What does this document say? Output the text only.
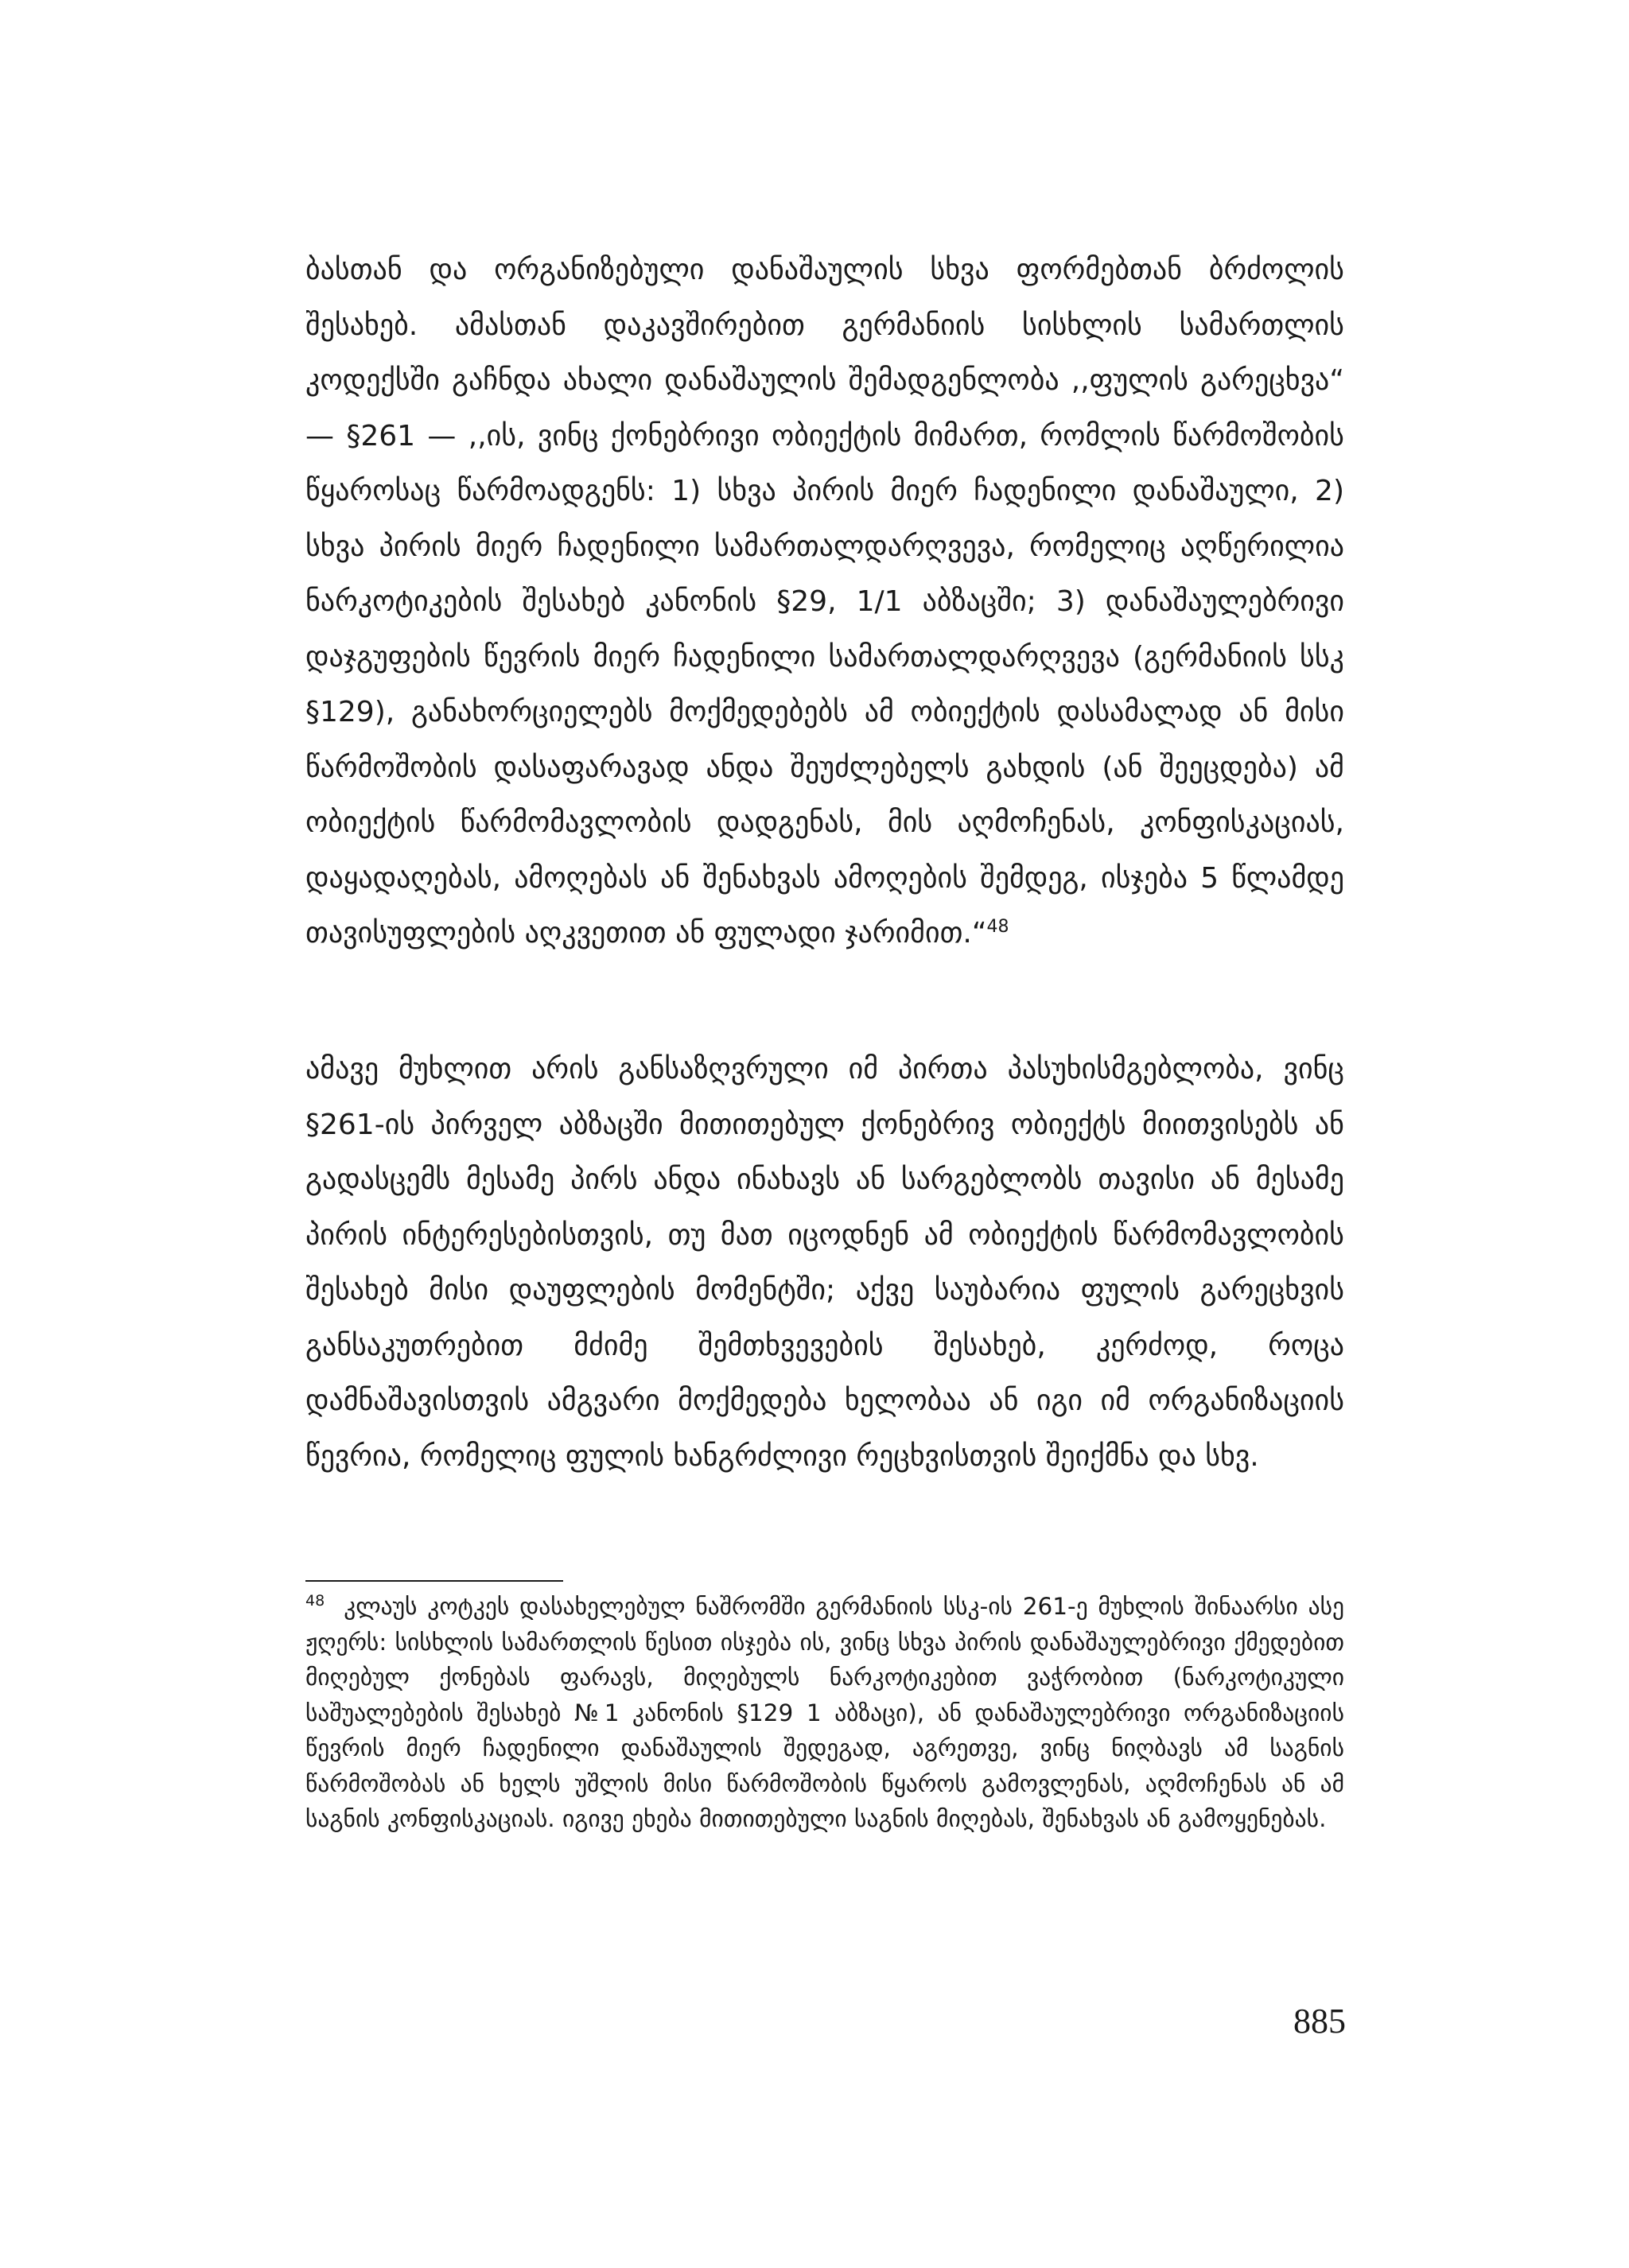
ბასთან და ორგანიზებული დანაშაულის სხვა ფორმებთან ბრძოლის შესახებ. ამასთან დაკავშირებით გერმანიის სისხლის სამართლის კოდექსში გაჩნდა ახალი დანაშაულის შემადგენლობა ,,ფულის გარეცხვა“ — §261 — ,,ის, ვინც ქონებრივი ობიექტის მიმართ, რომლის წარმოშობის წყაროსაც წარმოადგენს: 1) სხვა პირის მიერ ჩადენილი დანაშაული, 2) სხვა პირის მიერ ჩადენილი სამართალდარღვევა, რომელიც აღწერილია ნარკოტიკების შესახებ კანონის §29, 1/1 აბზაცში; 3) დანაშაულებრივი დაჯგუფების წევრის მიერ ჩადენილი სამართალდარღვევა (გერმანიის სსკ §129), განახორციელებს მოქმედებებს ამ ობიექტის დასამალად ან მისი წარმოშობის დასაფარავად ანდა შეუძლებელს გახდის (ან შეეცდება) ამ ობიექტის წარმომავლობის დადგენას, მის აღმოჩენას, კონფისკაციას, დაყადაღებას, ამოღებას ან შენახვას ამოღების შემდეგ, ისჯება 5 წლამდე თავისუფლების აღკვეთით ან ფულადი ჯარიმით.“$^{48}$

ამავე მუხლით არის განსაზღვრული იმ პირთა პასუხისმგებლობა, ვინც §261-ის პირველ აბზაცში მითითებულ ქონებრივ ობიექტს მიითვისებს ან გადასცემს მესამე პირს ანდა ინახავს ან სარგებლობს თავისი ან მესამე პირის ინტერესებისთვის, თუ მათ იცოდნენ ამ ობიექტის წარმომავლობის შესახებ მისი დაუფლების მომენტში; აქვე საუბარია ფულის გარეცხვის განსაკუთრებით მძიმე შემთხვევების შესახებ, კერძოდ, როცა დამნაშავისთვის ამგვარი მოქმედება ხელობაა ან იგი იმ ორგანიზაციის წევრია, რომელიც ფულის ხანგრძლივი რეცხვისთვის შეიქმნა და სხვ.

$^{48}$ კლაუს კოტკეს დასახელებულ ნაშრომში გერმანიის სსკ-ის 261-ე მუხლის შინაარსი ასე ჟღერს: სისხლის სამართლის წესით ისჯება ის, ვინც სხვა პირის დანაშაულებრივი ქმედებით მიღებულ ქონებას ფარავს, მიღებულს ნარკოტიკებით ვაჭრობით (ნარკოტიკული საშუალებების შესახებ №1 კანონის §129 1 აბზაცი), ან დანაშაულებრივი ორგანიზაციის წევრის მიერ ჩადენილი დანაშაულის შედეგად, აგრეთვე, ვინც ნიღბავს ამ საგნის წარმოშობას ან ხელს უშლის მისი წარმოშობის წყაროს გამოვლენას, აღმოჩენას ან ამ საგნის კონფისკაციას. იგივე ეხება მითითებული საგნის მიღებას, შენახვას ან გამოყენებას.

885
